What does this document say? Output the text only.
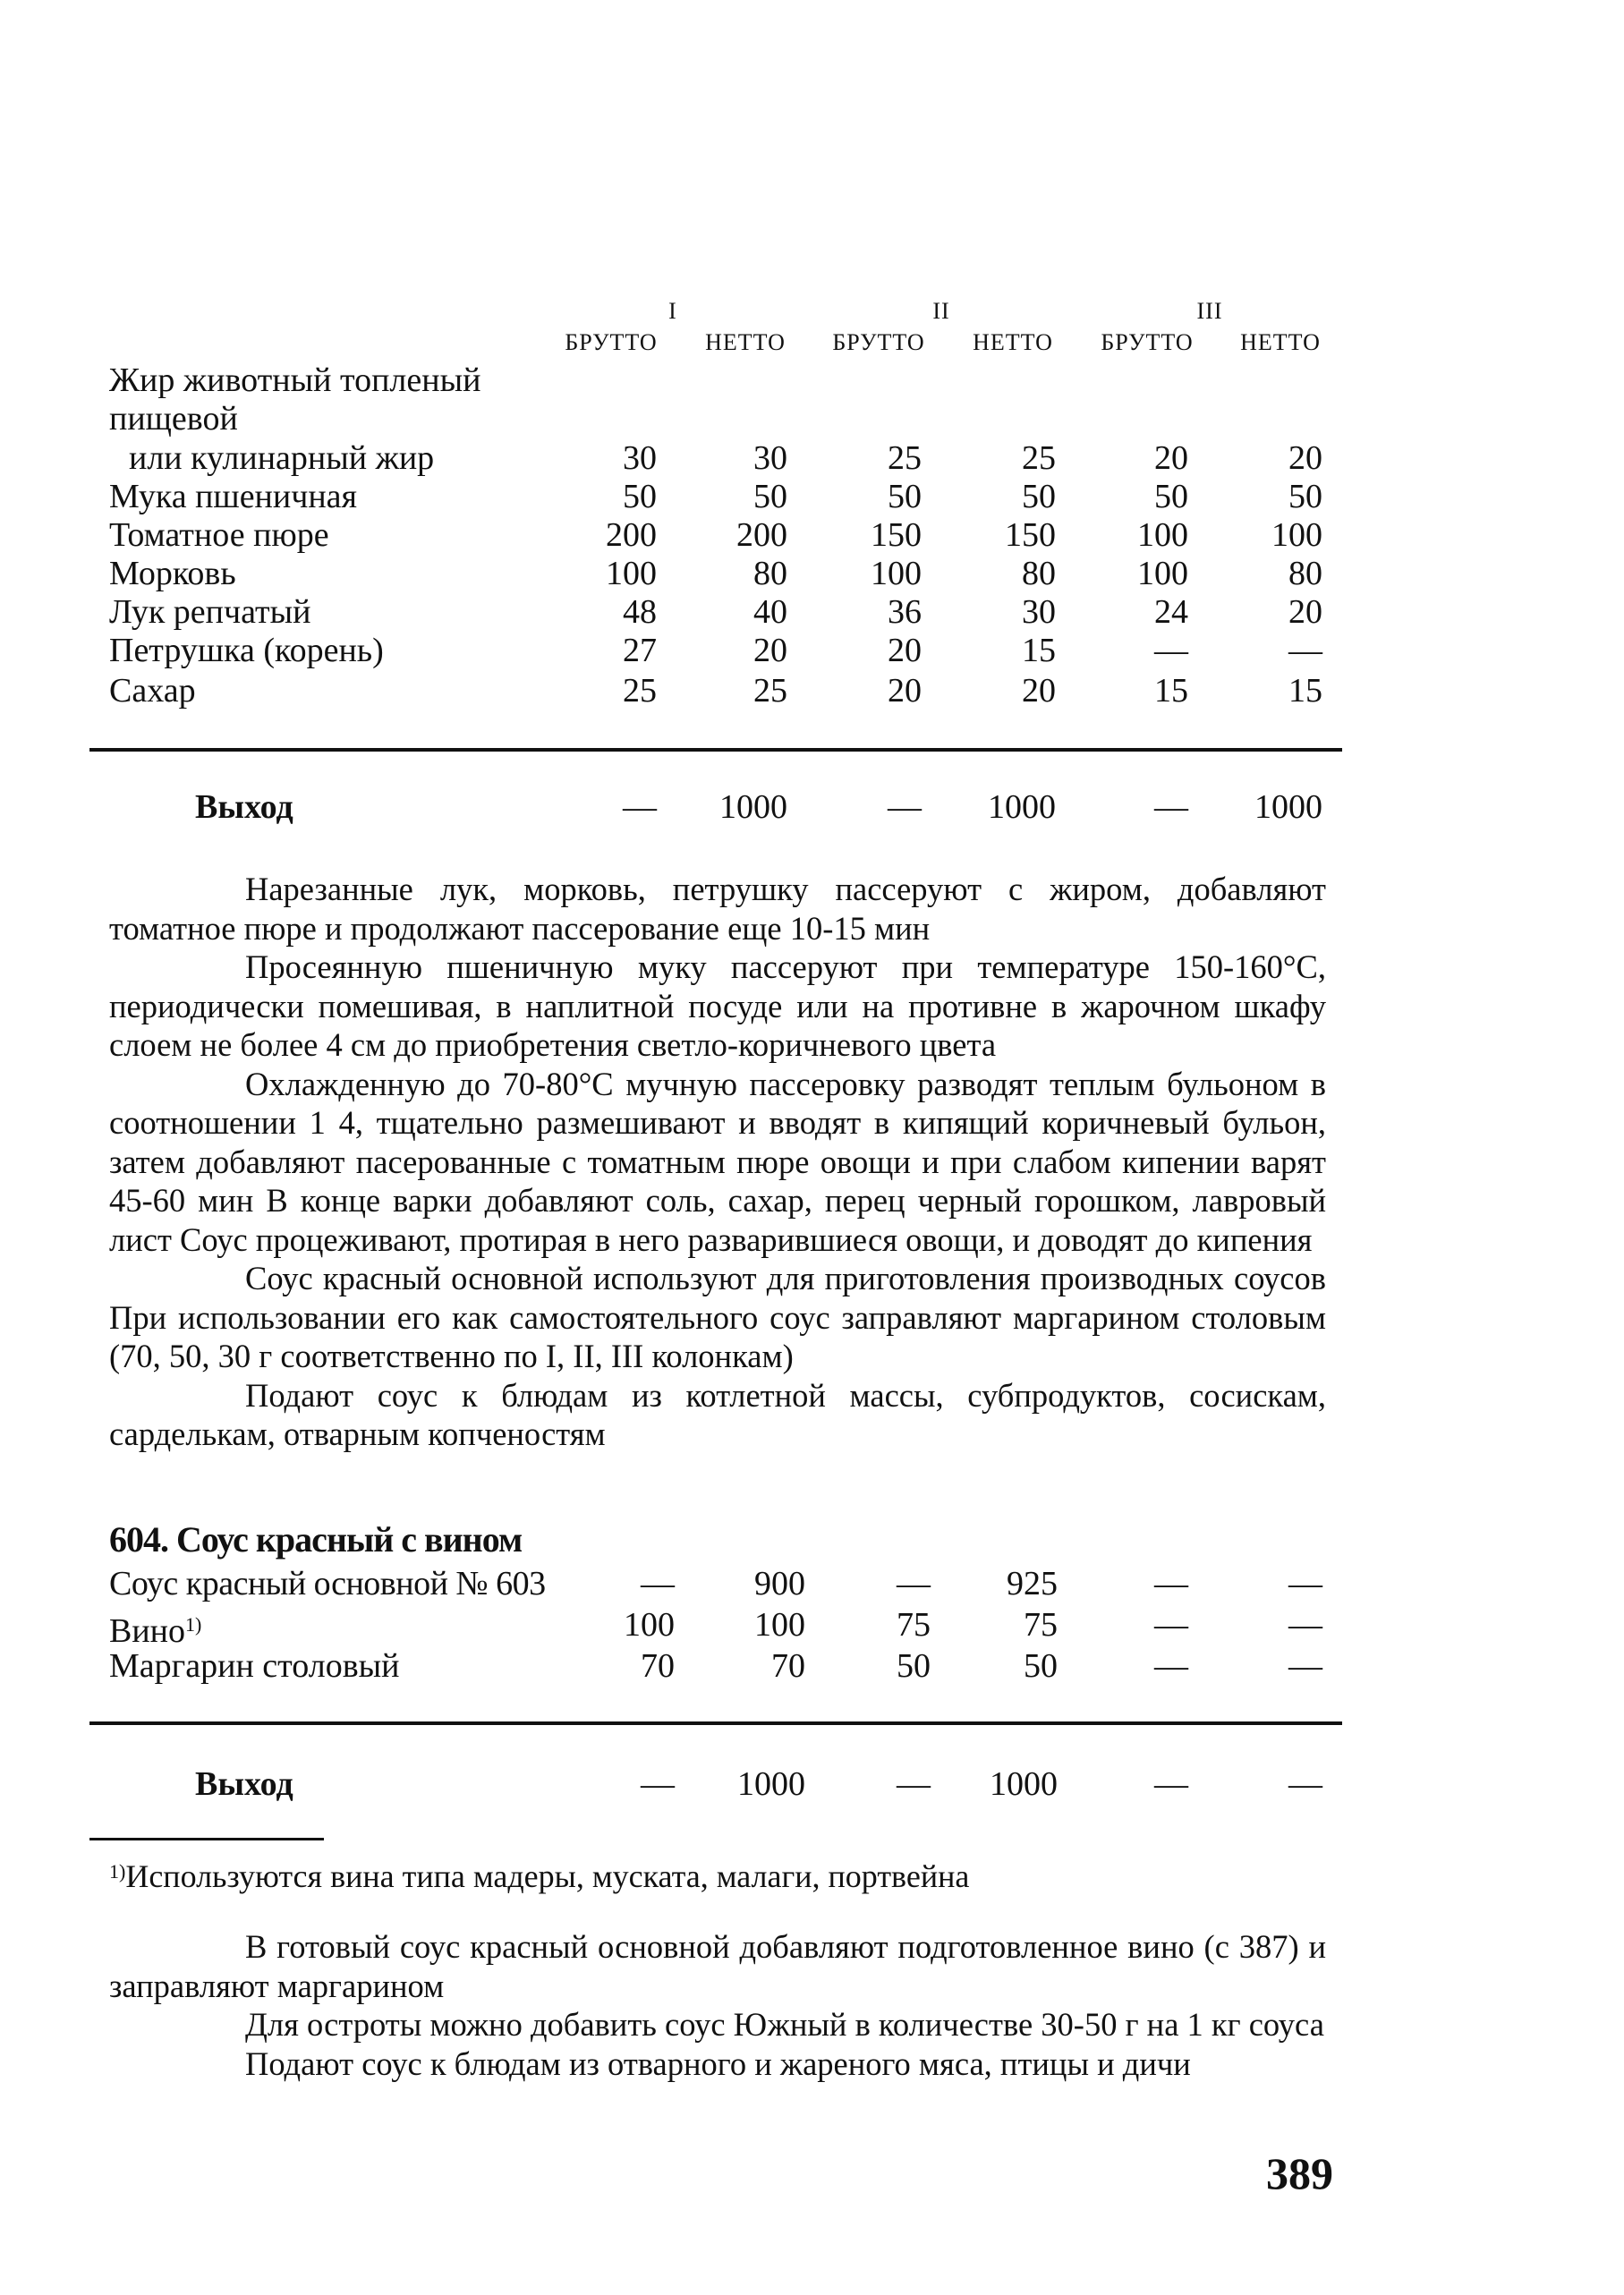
I	II	III
БРУТТО НЕТТО БРУТТО НЕТТО БРУТТО НЕТТО
Жир животный топленый
пищевой
или кулинарный жир	30	30	25	25	20	20
Мука пшеничная	50	50	50	50	50	50
Томатное пюре	200	200	150	150	100	100
Морковь	100	80	100	80	100	80
Лук репчатый	48	40	36	30	24	20
Петрушка (корень)	27	20	20	15	—	—
Сахар	25	25	20	20	15	15
Выход	—	1000	—	1000	—	1000

Нарезанные лук, морковь, петрушку пассеруют с жиром, добавляют томатное пюре и продолжают пассерование еще 10-15 мин

Просеянную пшеничную муку пассеруют при температуре 150-160°С, периодически помешивая, в наплитной посуде или на противне в жарочном шкафу слоем не более 4 см до приобретения светло-коричневого цвета

Охлажденную до 70-80°С мучную пассеровку разводят теплым бульоном в соотношении 1 4, тщательно размешивают и вводят в кипящий коричневый бульон, затем добавляют пасерованные с томатным пюре овощи и при слабом кипении варят 45-60 мин В конце варки добавляют соль, сахар, перец черный горошком, лавровый лист Соус процеживают, протирая в него разварившиеся овощи, и доводят до кипения

Соус красный основной используют для приготовления производных соусов При использовании его как самостоятельного соус заправляют маргарином столовым (70, 50, 30 г соответственно по I, II, III колонкам)

Подают соус к блюдам из котлетной массы, субпродуктов, сосискам, сарделькам, отварным копченостям

604. Соус красный с вином
Соус красный основной № 603	—	900	—	925	—	—
Вино$^{1)}$	100	100	75	75	—	—
Маргарин столовый	70	70	50	50	—	—
Выход	—	1000	—	1000	—	—
$^{1)}$Используются вина типа мадеры, муската, малаги, портвейна

В готовый соус красный основной добавляют подготовленное вино (с 387) и заправляют маргарином

Для остроты можно добавить соус Южный в количестве 30-50 г на 1 кг соуса

Подают соус к блюдам из отварного и жареного мяса, птицы и дичи

389
